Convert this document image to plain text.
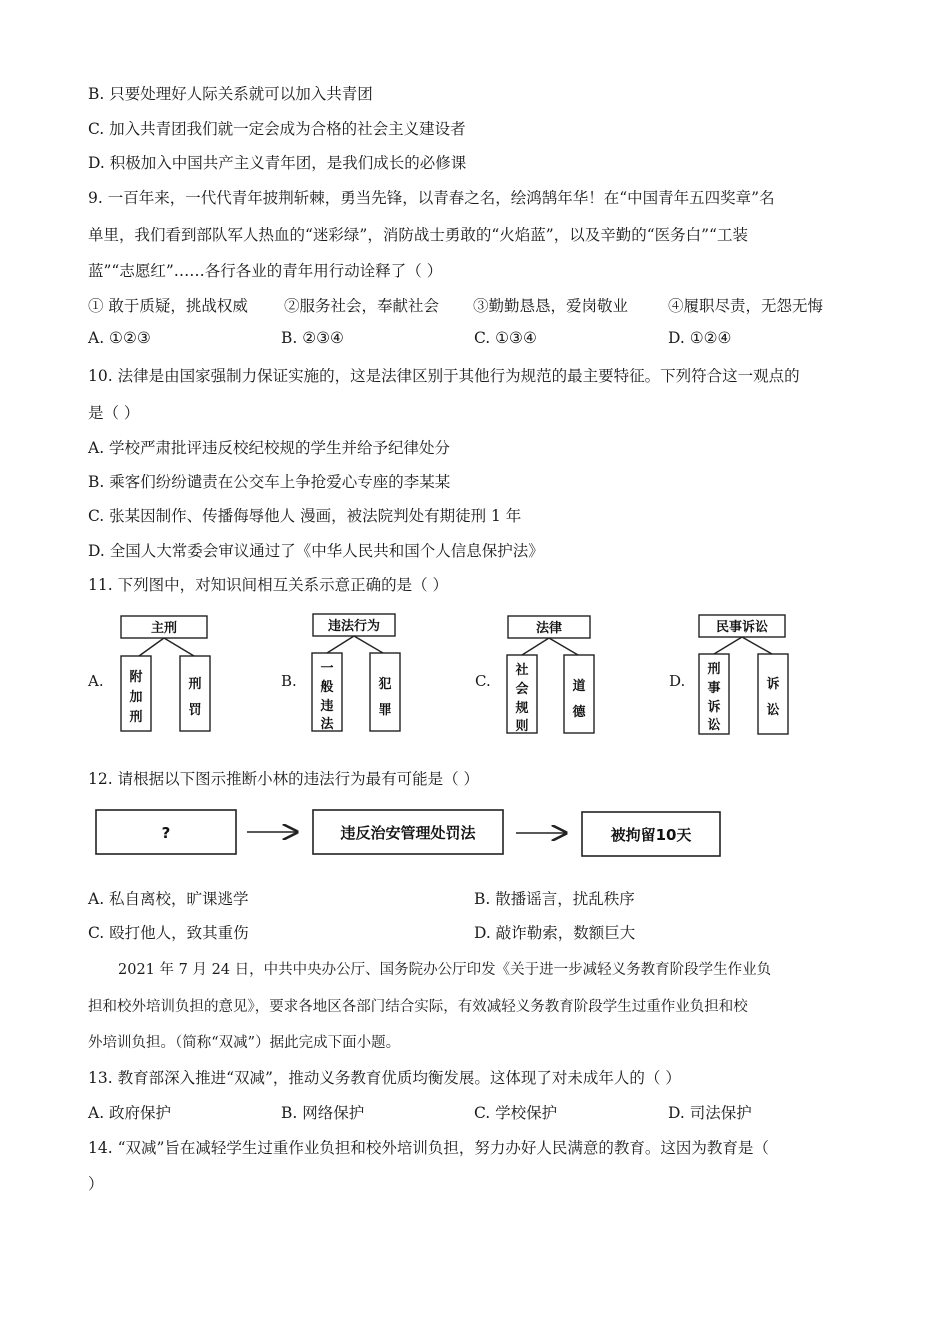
B. 只要处理好人际关系就可以加入共青团
C. 加入共青团我们就一定会成为合格的社会主义建设者
D. 积极加入中国共产主义青年团，是我们成长的必修课
9. 一百年来，一代代青年披荆斩棘，勇当先锋，以青春之名，绘鸿鹄年华！在“中国青年五四奖章”名
单里，我们看到部队军人热血的“迷彩绿”，消防战士勇敢的“火焰蓝”，以及辛勤的“医务白”“工装
蓝”“志愿红”……各行各业的青年用行动诠释了（ ）
① 敢于质疑，挑战权威 ②服务社会，奉献社会 ③勤勤恳恳，爱岗敬业	④履职尽责，无怨无悔
A. ①②③	B. ②③④	C. ①③④	D. ①②④
10. 法律是由国家强制力保证实施的，这是法律区别于其他行为规范的最主要特征。下列符合这一观点的
是（ ）
A. 学校严肃批评违反校纪校规的学生并给予纪律处分
B. 乘客们纷纷谴责在公交车上争抢爱心专座的李某某
C. 张某因制作、传播侮辱他人 漫画，被法院判处有期徒刑 1 年
D. 全国人大常委会审议通过了《中华人民共和国个人信息保护法》
11. 下列图中，对知识间相互关系示意正确的是（ ）
主刑
附
加
刑
刑
罚
违法行为
一
般
违
法
犯
罪
法律
社
会
规
则
道
德
民事诉讼
刑
事
诉
讼
诉
讼
A.	B.	C.	D.
12. 请根据以下图示推断小林的违法行为最有可能是（ ）
?	违反治安管理处罚法	被拘留10天
A. 私自离校，旷课逃学	B. 散播谣言，扰乱秩序
C. 殴打他人，致其重伤	D. 敲诈勒索，数额巨大
2021 年 7 月 24 日，中共中央办公厅、国务院办公厅印发《关于进一步减轻义务教育阶段学生作业负
担和校外培训负担的意见》，要求各地区各部门结合实际，有效减轻义务教育阶段学生过重作业负担和校
外培训负担。（简称“双减”）据此完成下面小题。
13. 教育部深入推进“双减”，推动义务教育优质均衡发展。这体现了对未成年人的（ ）
A. 政府保护	B. 网络保护	C. 学校保护	D. 司法保护
14. “双减”旨在减轻学生过重作业负担和校外培训负担，努力办好人民满意的教育。这因为教育是（
）
